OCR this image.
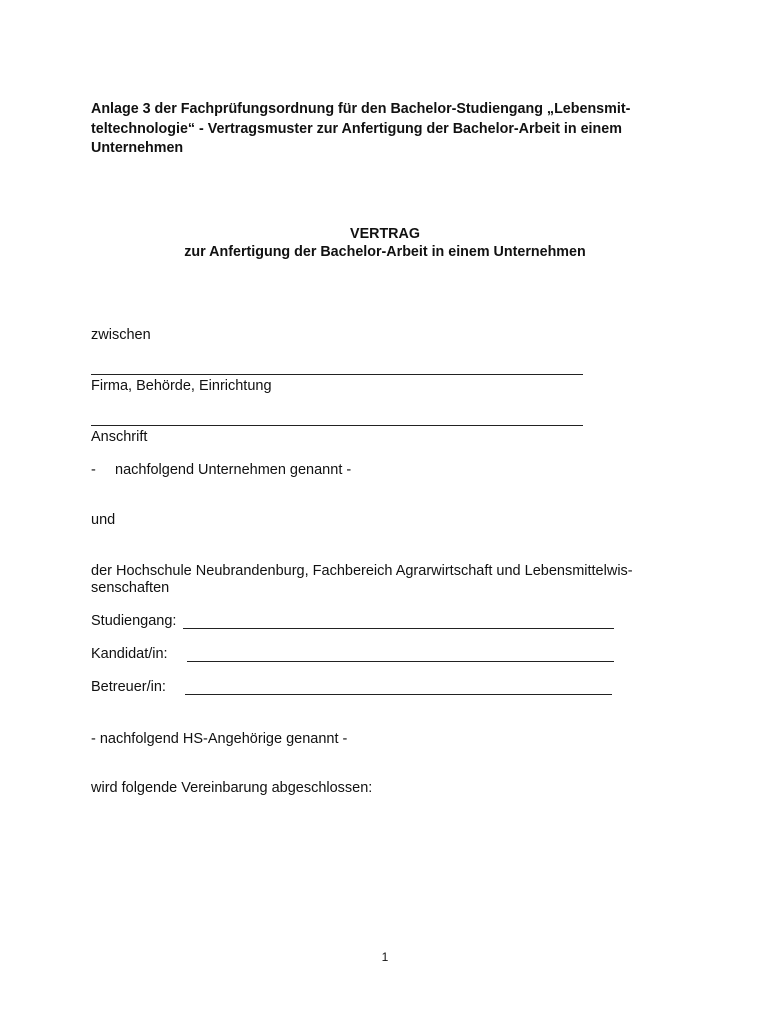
Anlage 3 der Fachprüfungsordnung für den Bachelor-Studiengang „Lebensmit-
teltechnologie“ - Vertragsmuster zur Anfertigung der Bachelor-Arbeit in einem
Unternehmen
VERTRAG
zur Anfertigung der Bachelor-Arbeit in einem Unternehmen
zwischen
Firma, Behörde, Einrichtung
Anschrift
- nachfolgend Unternehmen genannt -
und
der Hochschule Neubrandenburg, Fachbereich Agrarwirtschaft und Lebensmittelwis-
senschaften
Studiengang:
Kandidat/in:
Betreuer/in:
- nachfolgend HS-Angehörige genannt -
wird folgende Vereinbarung abgeschlossen:
1
